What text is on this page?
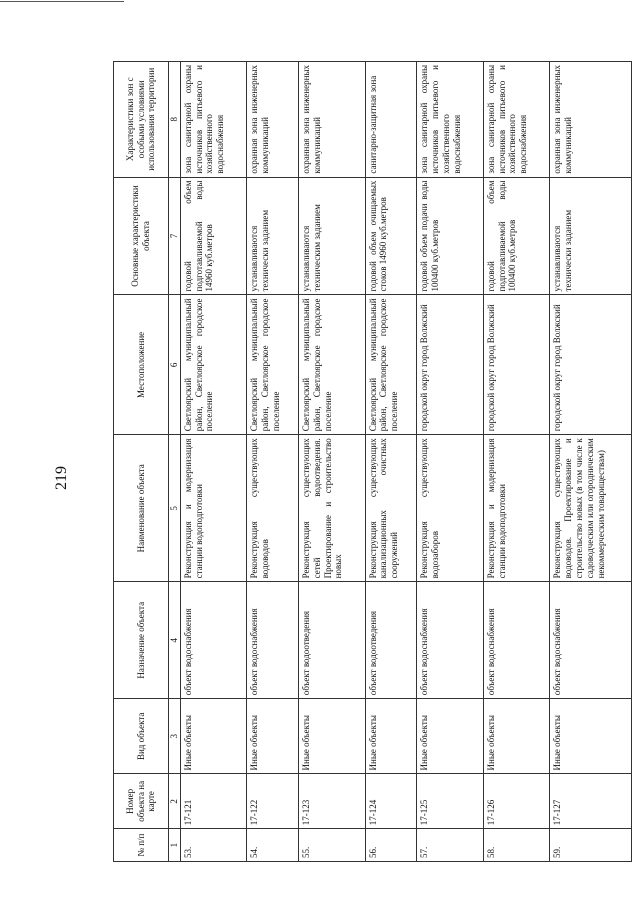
219
№ п/п	Номер объекта на карте	Вид объекта	Назначение объекта	Наименование объекта	Местоположение	Основные характеристики объекта	Характеристики зон с особыми условиями использования территории
1	2	3	4	5	6	7	8
53.	17-121	Иные объекты	объект водоснабжения	Реконструкция и модернизация станции водоподготовки	Светлоярский муниципальный район, Светлоярское городское поселение	годовой объем подготавливаемой воды 14960 куб.метров	зона санитарной охраны источников питьевого и хозяйственного водоснабжения
54.	17-122	Иные объекты	объект водоснабжения	Реконструкция существующих водоводов	Светлоярский муниципальный район, Светлоярское городское поселение	устанавливаются технически заданием	охранная зона инженерных коммуникаций
55.	17-123	Иные объекты	объект водоотведения	Реконструкция существующих сетей водоотведения. Проектирование и строительство новых	Светлоярский муниципальный район, Светлоярское городское поселение	устанавливаются техническим заданием	охранная зона инженерных коммуникаций
56.	17-124	Иные объекты	объект водоотведения	Реконструкция существующих канализационных очистных сооружений	Светлоярский муниципальный район, Светлоярское городское поселение	годовой объем очищаемых стоков 14960 куб.метров	санитарно-защитная зона
57.	17-125	Иные объекты	объект водоснабжения	Реконструкция существующих водозаборов	городской округ город Волжский	годовой объем подачи воды 100400 куб.метров	зона санитарной охраны источников питьевого и хозяйственного водоснабжения
58.	17-126	Иные объекты	объект водоснабжения	Реконструкция и модернизация станции водоподготовки	городской округ город Волжский	годовой объем подготавливаемой воды 100400 куб.метров	зона санитарной охраны источников питьевого и хозяйственного водоснабжения
59.	17-127	Иные объекты	объект водоснабжения	Реконструкция существующих водоводов. Проектирование и строительство новых (в том числе к садоводческим или огородническим некоммерческим товариществам)	городской округ город Волжский	устанавливаются технически заданием	охранная зона инженерных коммуникаций
